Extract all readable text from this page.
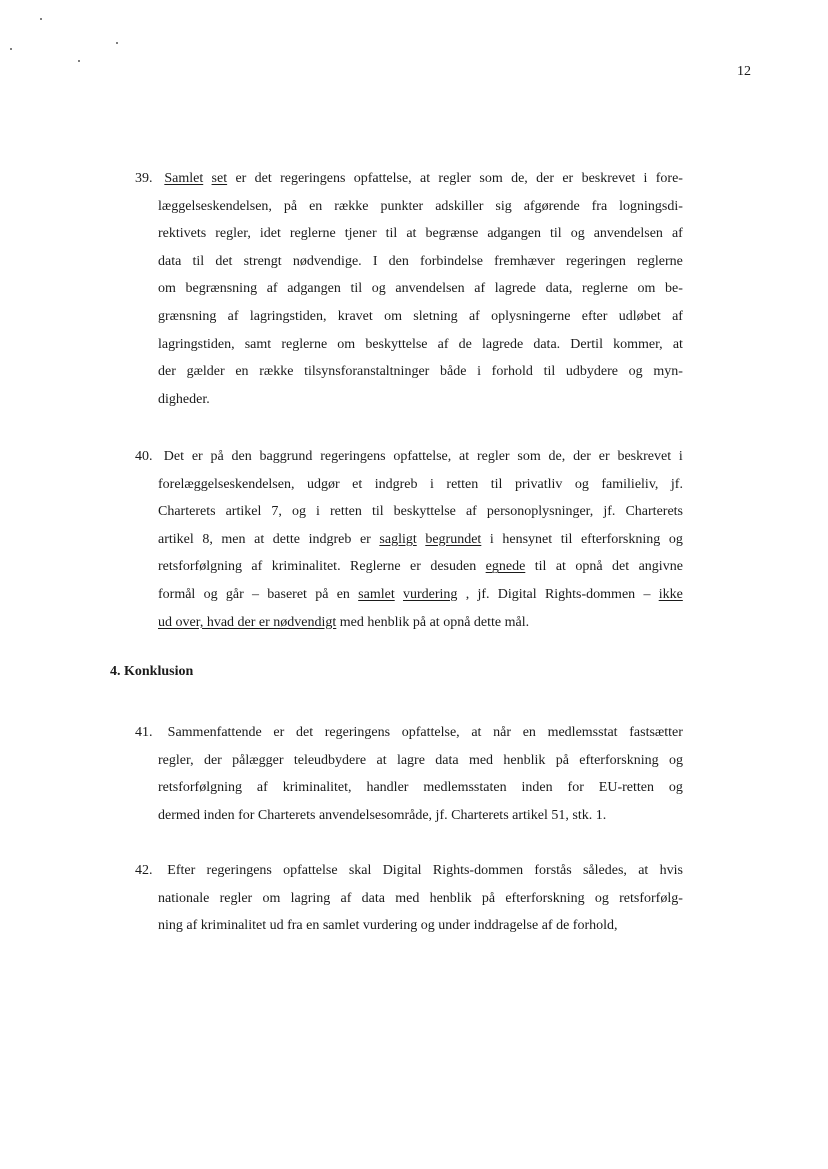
12
39. Samlet set er det regeringens opfattelse, at regler som de, der er beskrevet i fore-
læggelseskendelsen, på en række punkter adskiller sig afgørende fra logningsdi-
rektivets regler, idet reglerne tjener til at begrænse adgangen til og anvendelsen af
data til det strengt nødvendige. I den forbindelse fremhæver regeringen reglerne
om begrænsning af adgangen til og anvendelsen af lagrede data, reglerne om be-
grænsning af lagringstiden, kravet om sletning af oplysningerne efter udløbet af
lagringstiden, samt reglerne om beskyttelse af de lagrede data. Dertil kommer, at
der gælder en række tilsynsforanstaltninger både i forhold til udbydere og myn-
digheder.
40. Det er på den baggrund regeringens opfattelse, at regler som de, der er beskrevet i
forelæggelseskendelsen, udgør et indgreb i retten til privatliv og familieliv, jf.
Charterets artikel 7, og i retten til beskyttelse af personoplysninger, jf. Charterets
artikel 8, men at dette indgreb er sagligt begrundet i hensynet til efterforskning og
retsforfølgning af kriminalitet. Reglerne er desuden egnede til at opnå det angivne
formål og går – baseret på en samlet vurdering , jf. Digital Rights-dommen – ikke
ud over, hvad der er nødvendigt med henblik på at opnå dette mål.
4. Konklusion
41. Sammenfattende er det regeringens opfattelse, at når en medlemsstat fastsætter
regler, der pålægger teleudbydere at lagre data med henblik på efterforskning og
retsforfølgning af kriminalitet, handler medlemsstaten inden for EU-retten og
dermed inden for Charterets anvendelsesområde, jf. Charterets artikel 51, stk. 1.
42. Efter regeringens opfattelse skal Digital Rights-dommen forstås således, at hvis
nationale regler om lagring af data med henblik på efterforskning og retsforfølg-
ning af kriminalitet ud fra en samlet vurdering og under inddragelse af de forhold,
